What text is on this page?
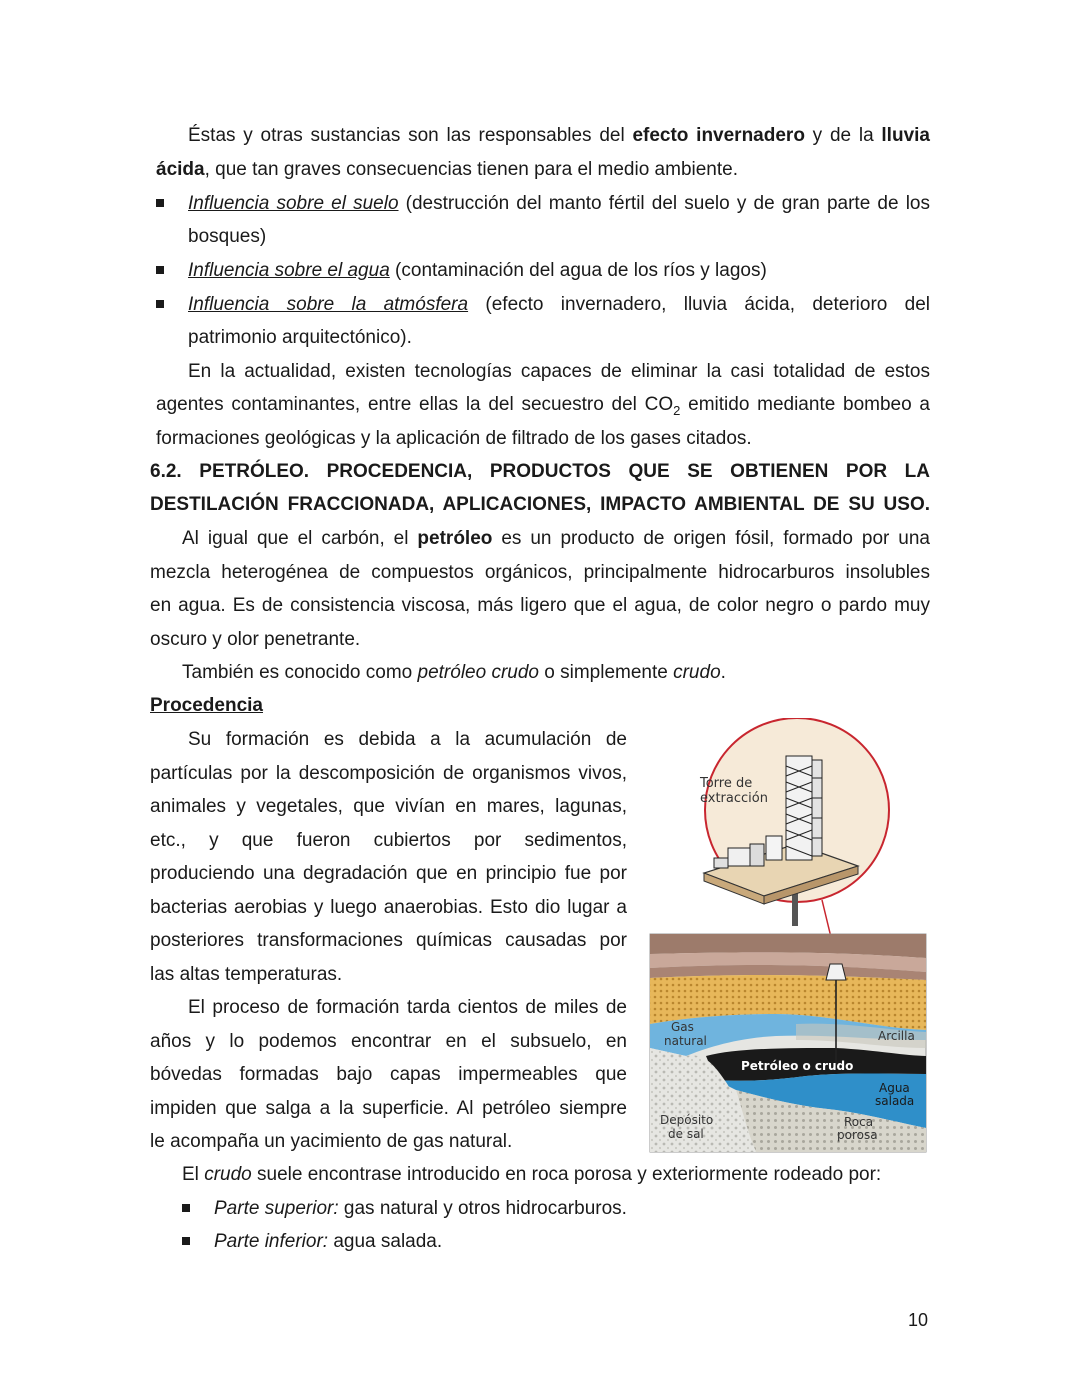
Éstas y otras sustancias son las responsables del efecto invernadero y de la lluvia
ácida, que tan graves consecuencias tienen para el medio ambiente.
Influencia sobre el suelo (destrucción del manto fértil del suelo y de gran parte de los
bosques)
Influencia sobre el agua (contaminación del agua de los ríos y lagos)
Influencia sobre la atmósfera (efecto invernadero, lluvia ácida, deterioro del
patrimonio arquitectónico).
En la actualidad, existen tecnologías capaces de eliminar la casi totalidad de estos
agentes contaminantes, entre ellas la del secuestro del $CO_2$ emitido mediante bombeo a
formaciones geológicas y la aplicación de filtrado de los gases citados.
6.2. PETRÓLEO. PROCEDENCIA, PRODUCTOS QUE SE OBTIENEN POR LA
DESTILACIÓN FRACCIONADA, APLICACIONES, IMPACTO AMBIENTAL DE SU USO.
Al igual que el carbón, el petróleo es un producto de origen fósil, formado por una
mezcla heterogénea de compuestos orgánicos, principalmente hidrocarburos insolubles
en agua. Es de consistencia viscosa, más ligero que el agua, de color negro o pardo muy
oscuro y olor penetrante.
También es conocido como petróleo crudo o simplemente crudo.
Procedencia
Su formación es debida a la acumulación de
partículas por la descomposición de organismos vivos,
animales y vegetales, que vivían en mares, lagunas,
etc., y que fueron cubiertos por sedimentos,
produciendo una degradación que en principio fue por
bacterias aerobias y luego anaerobias. Esto dio lugar a
posteriores transformaciones químicas causadas por
las altas temperaturas.
El proceso de formación tarda cientos de miles de
años y lo podemos encontrar en el subsuelo, en
bóvedas formadas bajo capas impermeables que
impiden que salga a la superficie. Al petróleo siempre
le acompaña un yacimiento de gas natural.
El crudo suele encontrase introducido en roca porosa y exteriormente rodeado por:
Parte superior: gas natural y otros hidrocarburos.
Parte inferior: agua salada.
Torre de
extracción
Gas
natural	Arcilla
Petróleo o crudo
Agua
salada
Depósito
de sal
Roca
porosa
10
